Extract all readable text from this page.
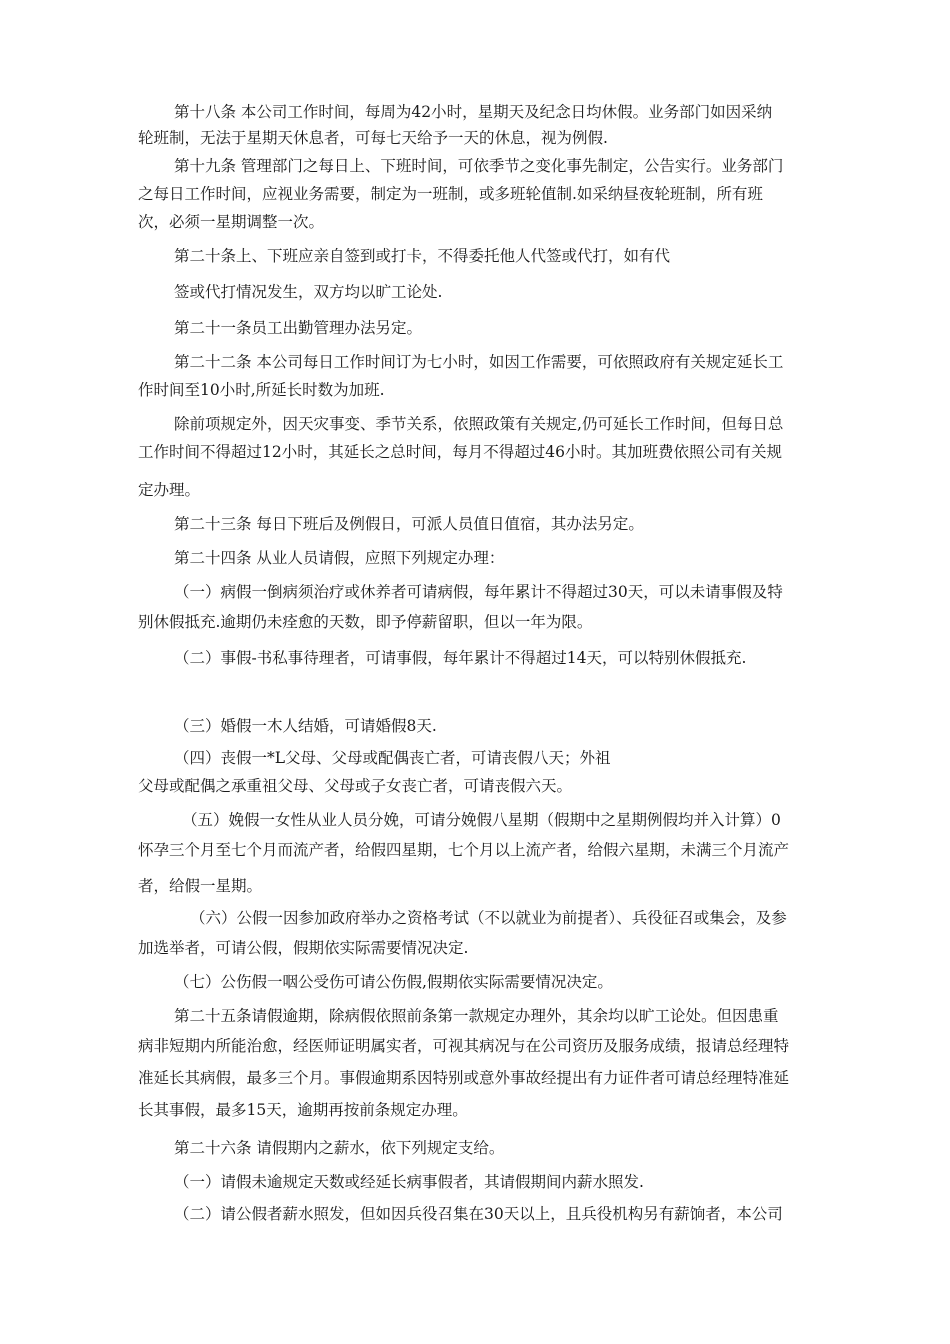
第十八条 本公司工作时间，每周为42小时，星期天及纪念日均休假。业务部门如因采纳
轮班制，无法于星期天休息者，可每七天给予一天的休息，视为例假.
第十九条 管理部门之每日上、下班时间，可依季节之变化事先制定，公告实行。业务部门
之每日工作时间，应视业务需要，制定为一班制，或多班轮值制.如采纳昼夜轮班制，所有班
次，必须一星期调整一次。
第二十条上、下班应亲自签到或打卡，不得委托他人代签或代打，如有代
签或代打情况发生，双方均以旷工论处.
第二十一条员工出勤管理办法另定。
第二十二条 本公司每日工作时间订为七小时，如因工作需要，可依照政府有关规定延长工
作时间至10小时,所延长时数为加班.
除前项规定外，因天灾事变、季节关系，依照政策有关规定,仍可延长工作时间，但每日总
工作时间不得超过12小时，其延长之总时间，每月不得超过46小时。其加班费依照公司有关规
定办理。
第二十三条 每日下班后及例假日，可派人员值日值宿，其办法另定。
第二十四条 从业人员请假，应照下列规定办理：
（一）病假一倒病须治疗或休养者可请病假，每年累计不得超过30天，可以未请事假及特
别休假抵充.逾期仍未痊愈的天数，即予停薪留职，但以一年为限。
（二）事假-书私事待理者，可请事假，每年累计不得超过14天，可以特别休假抵充.
（三）婚假一木人结婚，可请婚假8天.
（四）丧假一*L父母、父母或配偶丧亡者，可请丧假八天；外祖
父母或配偶之承重祖父母、父母或子女丧亡者，可请丧假六天。
（五）娩假一女性从业人员分娩，可请分娩假八星期（假期中之星期例假均并入计算）0
怀孕三个月至七个月而流产者，给假四星期，七个月以上流产者，给假六星期，未满三个月流产
者，给假一星期。
（六）公假一因参加政府举办之资格考试（不以就业为前提者）、兵役征召或集会，及参
加选举者，可请公假，假期依实际需要情况决定.
（七）公伤假一咽公受伤可请公伤假,假期依实际需要情况决定。
第二十五条请假逾期，除病假依照前条第一款规定办理外，其余均以旷工论处。但因患重
病非短期内所能治愈，经医师证明属实者，可视其病况与在公司资历及服务成绩，报请总经理特
准延长其病假，最多三个月。事假逾期系因特别或意外事故经提出有力证件者可请总经理特准延
长其事假，最多15天，逾期再按前条规定办理。
第二十六条 请假期内之薪水，依下列规定支给。
（一）请假未逾规定天数或经延长病事假者，其请假期间内薪水照发.
（二）请公假者薪水照发，但如因兵役召集在30天以上，且兵役机构另有薪饷者，本公司
